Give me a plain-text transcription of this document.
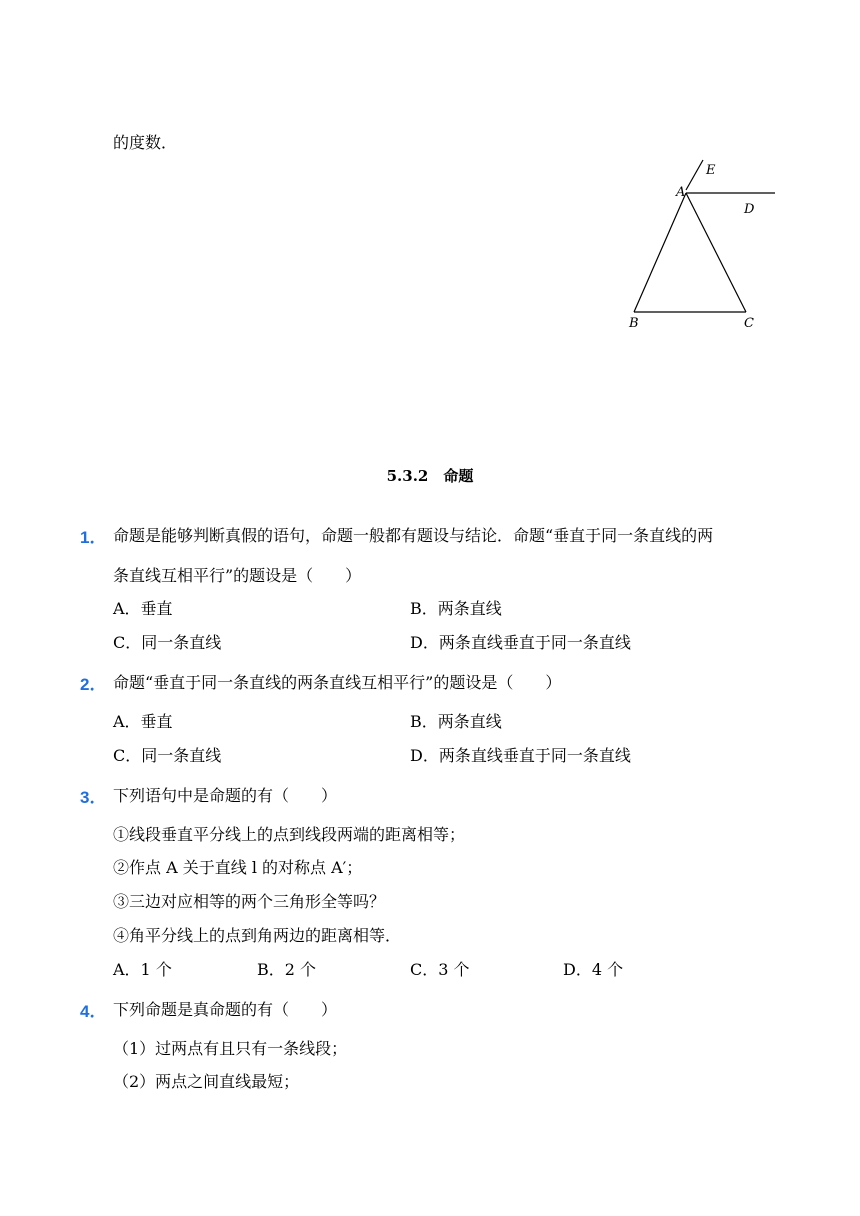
的度数．
E
A
D
B	C
5.3.2　命题
1． 命题是能够判断真假的语句，命题一般都有题设与结论．命题“垂直于同一条直线的两
条直线互相平行”的题设是（　　）
A．垂直	B．两条直线
C．同一条直线	D．两条直线垂直于同一条直线
2． 命题“垂直于同一条直线的两条直线互相平行”的题设是（　　）
A．垂直	B．两条直线
C．同一条直线	D．两条直线垂直于同一条直线
3． 下列语句中是命题的有（　　）
①线段垂直平分线上的点到线段两端的距离相等；
②作点 A 关于直线 l 的对称点 A′；
③三边对应相等的两个三角形全等吗？
④角平分线上的点到角两边的距离相等．
A．1 个	B．2 个	C．3 个	D．4 个
4． 下列命题是真命题的有（　　）
（1）过两点有且只有一条线段；
（2）两点之间直线最短；
